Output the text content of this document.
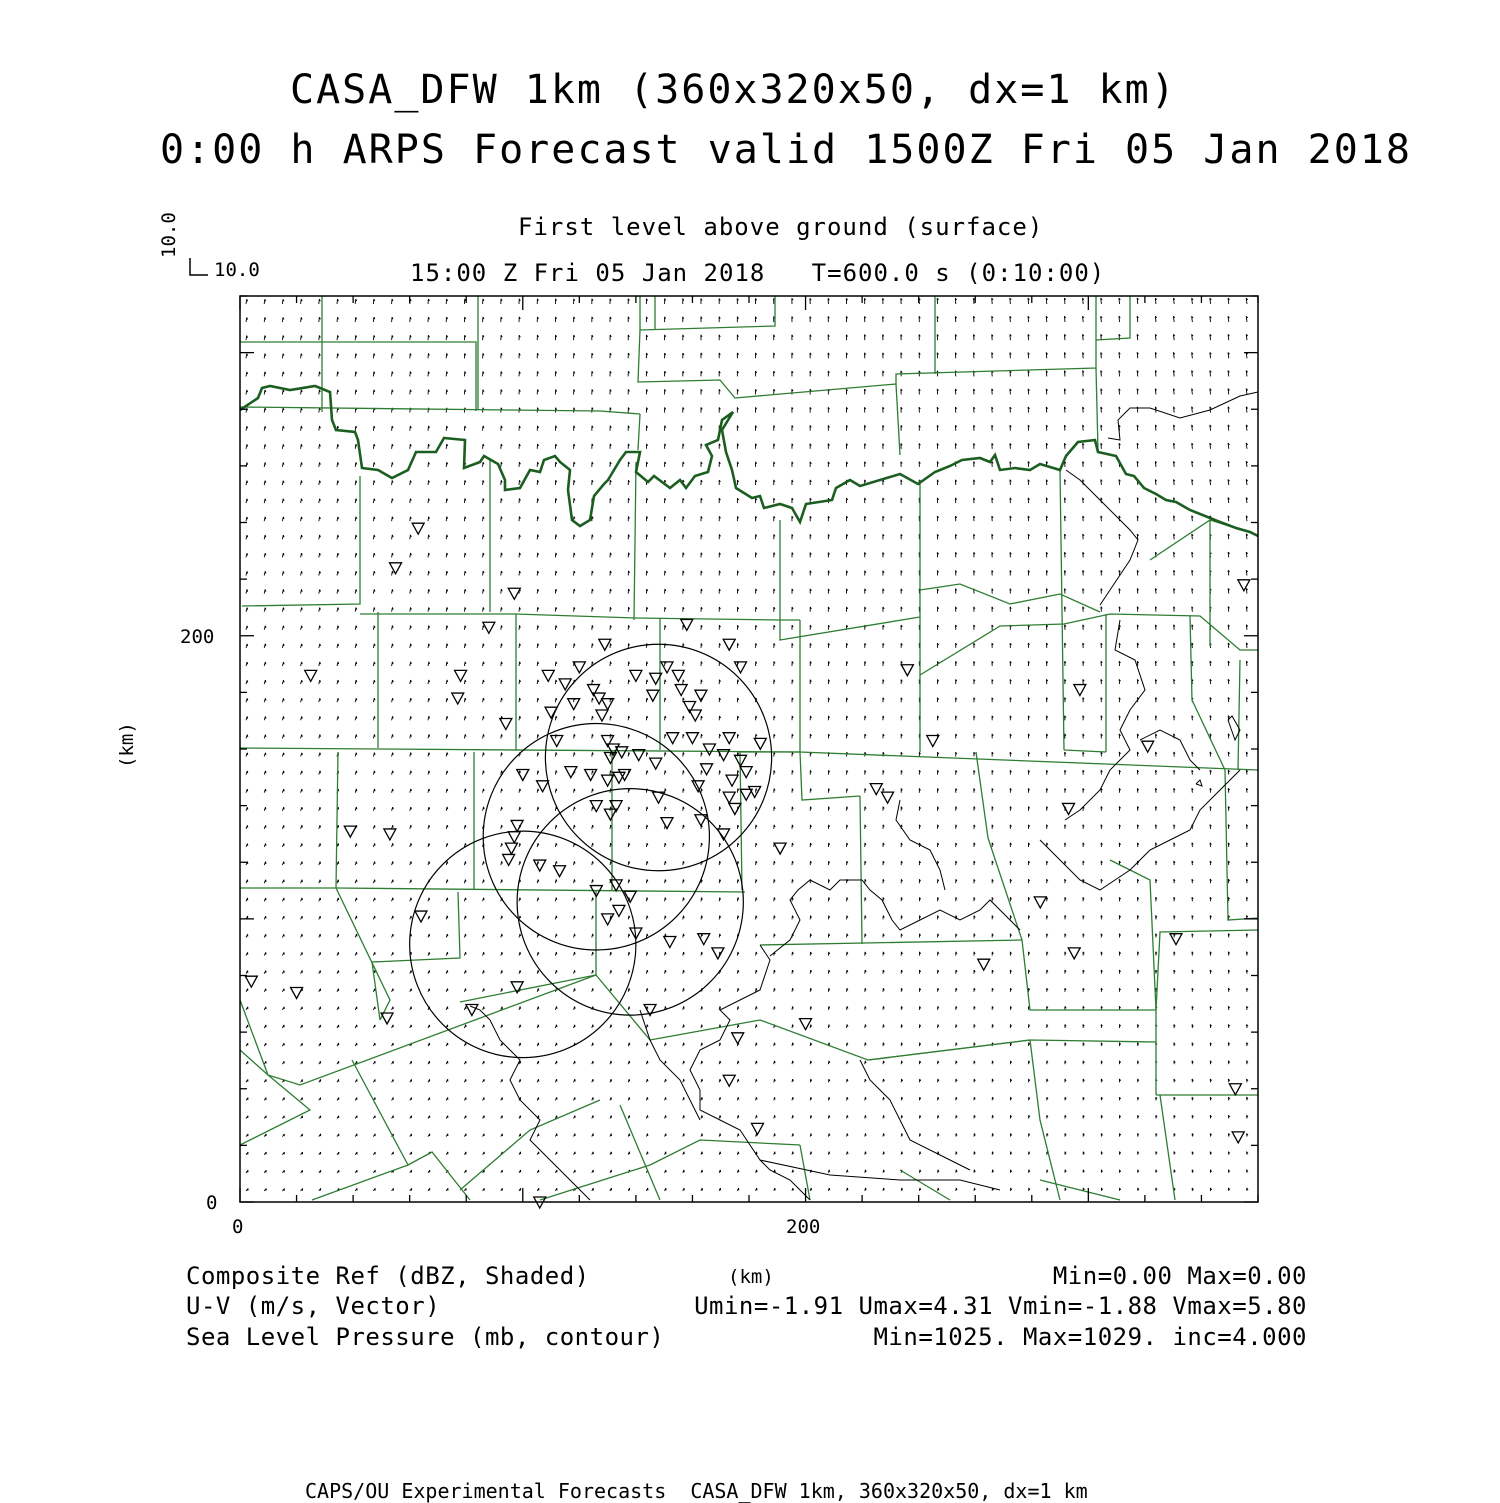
CASA_DFW 1km (360x320x50, dx=1 km)
0:00 h ARPS Forecast valid 1500Z Fri 05 Jan 2018
First level above ground (surface)
15:00 Z Fri 05 Jan 2018   T=600.0 s (0:10:00)
10.0
10.0
(km)
0
200
0	200
(km)
Composite Ref (dBZ, Shaded)	Min=0.00 Max=0.00
U-V (m/s, Vector)	Umin=-1.91 Umax=4.31 Vmin=-1.88 Vmax=5.80
Sea Level Pressure (mb, contour)	Min=1025. Max=1029. inc=4.000
CAPS/OU Experimental Forecasts  CASA_DFW 1km, 360x320x50, dx=1 km
